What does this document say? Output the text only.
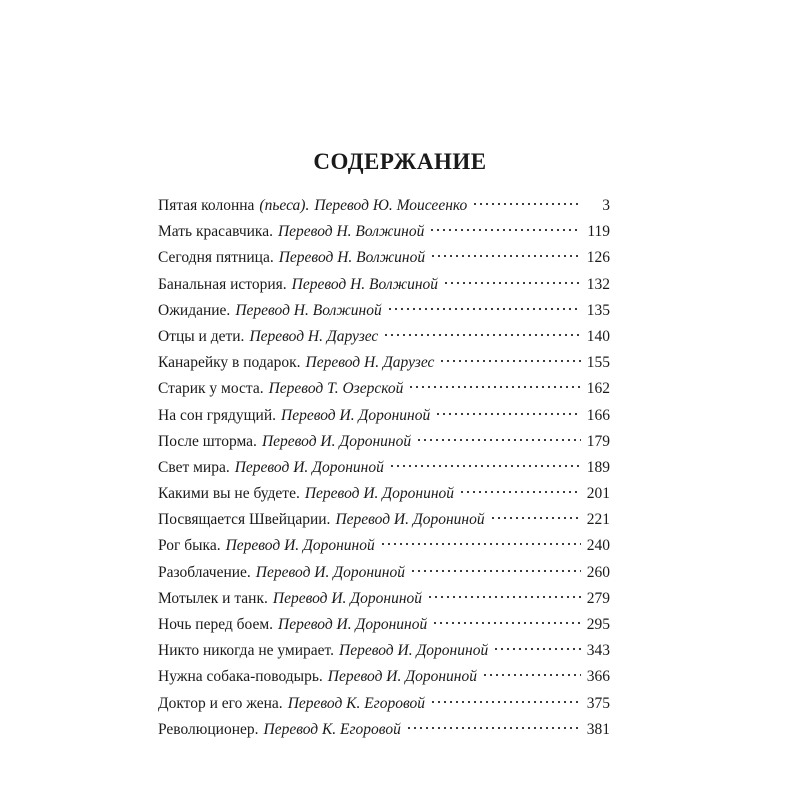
СОДЕРЖАНИЕ
Пятая колонна (пьеса). Перевод Ю. Моисеенко	3
Мать красавчика. Перевод Н. Волжиной	119
Сегодня пятница. Перевод Н. Волжиной	126
Банальная история. Перевод Н. Волжиной	132
Ожидание. Перевод Н. Волжиной	135
Отцы и дети. Перевод Н. Дарузес	140
Канарейку в подарок. Перевод Н. Дарузес	155
Старик у моста. Перевод Т. Озерской	162
На сон грядущий. Перевод И. Дорониной	166
После шторма. Перевод И. Дорониной	179
Свет мира. Перевод И. Дорониной	189
Какими вы не будете. Перевод И. Дорониной	201
Посвящается Швейцарии. Перевод И. Дорониной	221
Рог быка. Перевод И. Дорониной	240
Разоблачение. Перевод И. Дорониной	260
Мотылек и танк. Перевод И. Дорониной	279
Ночь перед боем. Перевод И. Дорониной	295
Никто никогда не умирает. Перевод И. Дорониной	343
Нужна собака-поводырь. Перевод И. Дорониной	366
Доктор и его жена. Перевод К. Егоровой	375
Революционер. Перевод К. Егоровой	381
